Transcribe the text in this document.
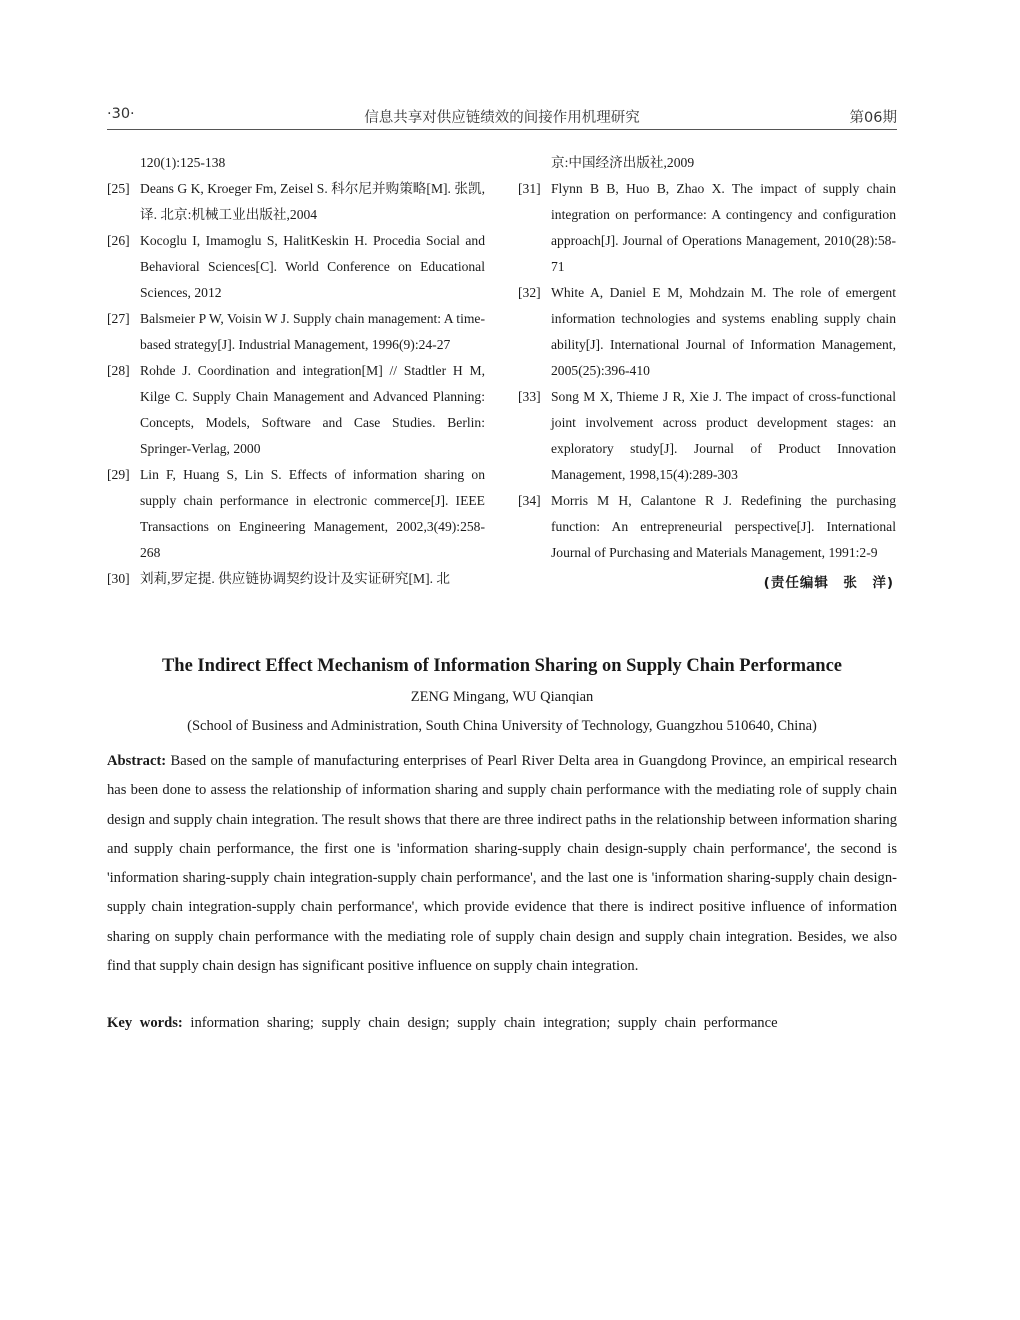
·30·	信息共享对供应链绩效的间接作用机理研究	第06期
120(1):125-138
[25] Deans G K, Kroeger Fm, Zeisel S. 科尔尼并购策略[M]. 张凯,译. 北京:机械工业出版社,2004
[26] Kocoglu I, Imamoglu S, HalitKeskin H. Procedia Social and Behavioral Sciences[C]. World Conference on Educational Sciences, 2012
[27] Balsmeier P W, Voisin W J. Supply chain management: A time-based strategy[J]. Industrial Management, 1996(9):24-27
[28] Rohde J. Coordination and integration[M] // Stadtler H M, Kilge C. Supply Chain Management and Advanced Planning: Concepts, Models, Software and Case Studies. Berlin: Springer-Verlag, 2000
[29] Lin F, Huang S, Lin S. Effects of information sharing on supply chain performance in electronic commerce[J]. IEEE Transactions on Engineering Management, 2002,3(49):258-268
[30] 刘莉,罗定提. 供应链协调契约设计及实证研究[M]. 北
京:中国经济出版社,2009
[31] Flynn B B, Huo B, Zhao X. The impact of supply chain integration on performance: A contingency and configuration approach[J]. Journal of Operations Management, 2010(28):58-71
[32] White A, Daniel E M, Mohdzain M. The role of emergent information technologies and systems enabling supply chain ability[J]. International Journal of Information Management, 2005(25):396-410
[33] Song M X, Thieme J R, Xie J. The impact of cross-functional joint involvement across product development stages: an exploratory study[J]. Journal of Product Innovation Management, 1998,15(4):289-303
[34] Morris M H, Calantone R J. Redefining the purchasing function: An entrepreneurial perspective[J]. International Journal of Purchasing and Materials Management, 1991:2-9
(责任编辑　张　洋)
The Indirect Effect Mechanism of Information Sharing on Supply Chain Performance
ZENG Mingang, WU Qianqian
(School of Business and Administration, South China University of Technology, Guangzhou 510640, China)
Abstract: Based on the sample of manufacturing enterprises of Pearl River Delta area in Guangdong Province, an empirical research has been done to assess the relationship of information sharing and supply chain performance with the mediating role of supply chain design and supply chain integration. The result shows that there are three indirect paths in the relationship between information sharing and supply chain performance, the first one is 'information sharing-supply chain design-supply chain performance', the second is 'information sharing-supply chain integration-supply chain performance', and the last one is 'information sharing-supply chain design-supply chain integration-supply chain performance', which provide evidence that there is indirect positive influence of information sharing on supply chain performance with the mediating role of supply chain design and supply chain integration. Besides, we also find that supply chain design has significant positive influence on supply chain integration.
Key words: information sharing; supply chain design; supply chain integration; supply chain performance
